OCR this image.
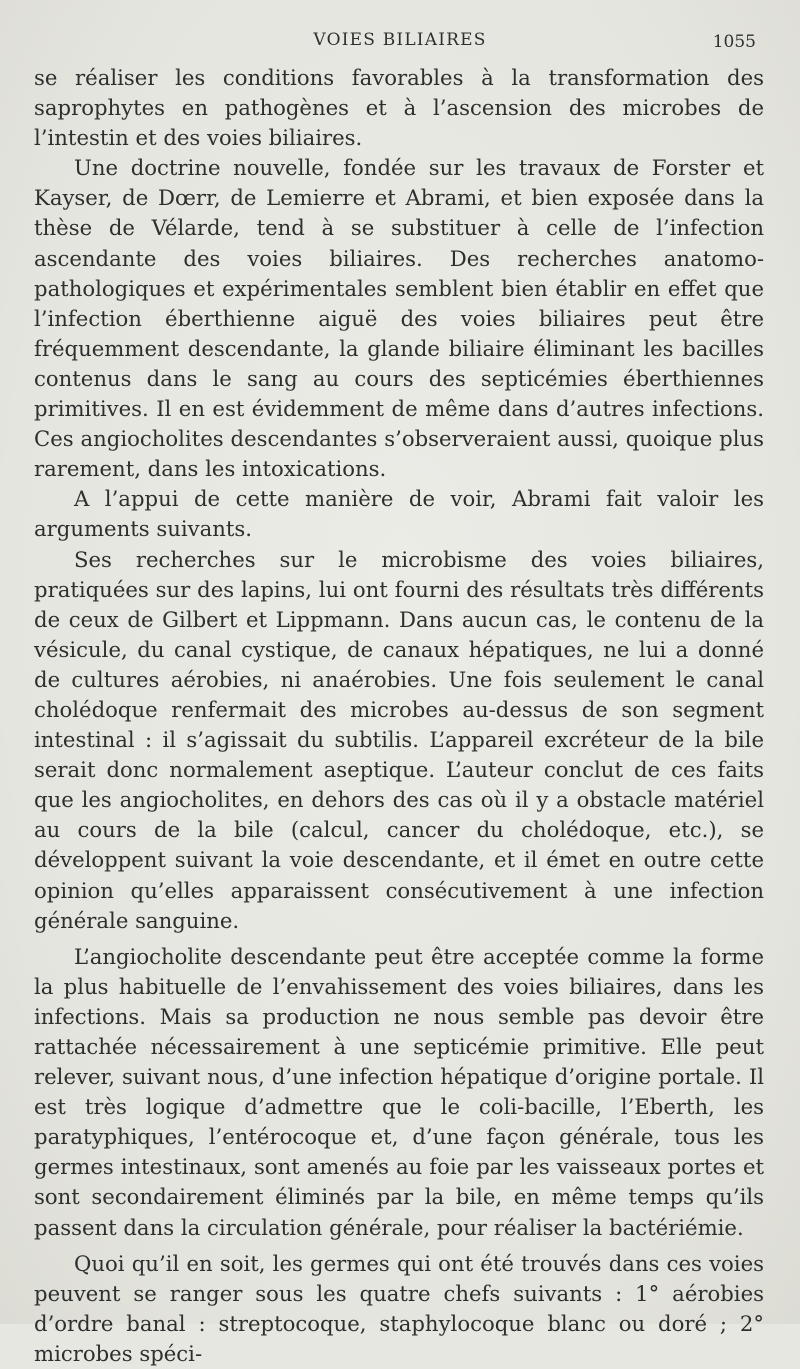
VOIES BILIAIRES	1055

se réaliser les conditions favorables à la transformation des saprophytes en pathogènes et à l’ascension des microbes de l’intestin et des voies biliaires.

Une doctrine nouvelle, fondée sur les travaux de Forster et Kayser, de Dœrr, de Lemierre et Abrami, et bien exposée dans la thèse de Vélarde, tend à se substituer à celle de l’infection ascendante des voies biliaires. Des recherches anatomo-pathologiques et expérimentales semblent bien établir en effet que l’infection éberthienne aiguë des voies biliaires peut être fréquemment descendante, la glande biliaire éliminant les bacilles contenus dans le sang au cours des septicémies éberthiennes primitives. Il en est évidemment de même dans d’autres infections. Ces angiocholites descendantes s’observeraient aussi, quoique plus rarement, dans les intoxications.

A l’appui de cette manière de voir, Abrami fait valoir les arguments suivants.

Ses recherches sur le microbisme des voies biliaires, pratiquées sur des lapins, lui ont fourni des résultats très différents de ceux de Gilbert et Lippmann. Dans aucun cas, le contenu de la vésicule, du canal cystique, de canaux hépatiques, ne lui a donné de cultures aérobies, ni anaérobies. Une fois seulement le canal cholédoque renfermait des microbes au-dessus de son segment intestinal : il s’agissait du subtilis. L’appareil excréteur de la bile serait donc normalement aseptique. L’auteur conclut de ces faits que les angiocholites, en dehors des cas où il y a obstacle matériel au cours de la bile (calcul, cancer du cholédoque, etc.), se développent suivant la voie descendante, et il émet en outre cette opinion qu’elles apparaissent consécutivement à une infection générale sanguine.

L’angiocholite descendante peut être acceptée comme la forme la plus habituelle de l’envahissement des voies biliaires, dans les infections. Mais sa production ne nous semble pas devoir être rattachée nécessairement à une septicémie primitive. Elle peut relever, suivant nous, d’une infection hépatique d’origine portale. Il est très logique d’admettre que le coli-bacille, l’Eberth, les paratyphiques, l’entérocoque et, d’une façon générale, tous les germes intestinaux, sont amenés au foie par les vaisseaux portes et sont secondairement éliminés par la bile, en même temps qu’ils passent dans la circulation générale, pour réaliser la bactériémie.

Quoi qu’il en soit, les germes qui ont été trouvés dans ces voies peuvent se ranger sous les quatre chefs suivants : 1° aérobies d’ordre banal : streptocoque, staphylocoque blanc ou doré ; 2° microbes spéci-
